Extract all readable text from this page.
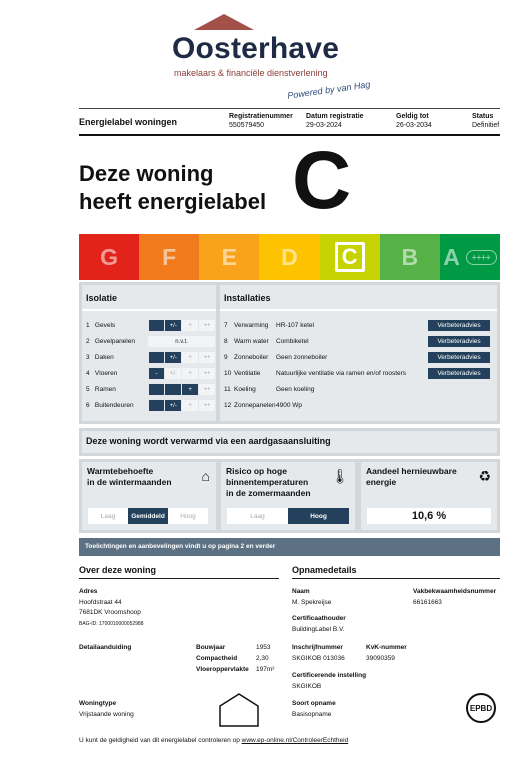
Oosterhave
makelaars & financiële dienstverlening
Powered by van Hag
Energielabel woningen
Registratienummer
550579450
Datum registratie
29-03-2024
Geldig tot
26-03-2034
Status
Definitief
Deze woning
heeft energielabel C
G F E D	C	B A	++++
Isolatie
1 Gevels	+/-	+	++
2 Gevelpanelen	n.v.t.
3 Daken	+/-	+	++
4 Vloeren	-	+/-	+	++
5 Ramen	+	++
6 Buitendeuren	+/-	+	++
Installaties
7 Verwarming	HR-107 ketel	Verbeteradvies
8 Warm water	Combiketel	Verbeteradvies
9 Zonneboiler	Geen zonneboiler	Verbeteradvies
10 Ventilatie	Natuurlijke ventilatie via ramen en/of roosters	Verbeteradvies
11 Koeling	Geen koeling
12 Zonnepanelen 4900 Wp
Deze woning wordt verwarmd via een aardgasaansluiting
Warmtebehoefte
in de wintermaanden	⌂
Laag	Gemiddeld	Hoog
Risico op hoge
binnentemperaturen
in de zomermaanden
🌡
Laag	Hoog
Aandeel hernieuwbare
energie	♻
10,6 %
Toelichtingen en aanbevelingen vindt u op pagina 2 en verder
Over deze woning
Adres
Hoofdstraat 44
7681DK Vroomshoop
BAG-ID: 1700010000052988
Detailaanduiding	Bouwjaar	1953
Compactheid	2,30
Vloeroppervlakte 197m²
Woningtype
Vrijstaande woning
Opnamedetails
Naam
M. Spekreijse
Vakbekwaamheidsnummer
66161663
Certificaathouder
BuildingLabel B.V.
Inschrijfnummer
SKGIKOB 013036
KvK-nummer
39090359
Certificerende instelling
SKGIKOB
Soort opname
Basisopname
EPBD
U kunt de geldigheid van dit energielabel controleren op www.ep-online.nl/ControleerEchtheid
